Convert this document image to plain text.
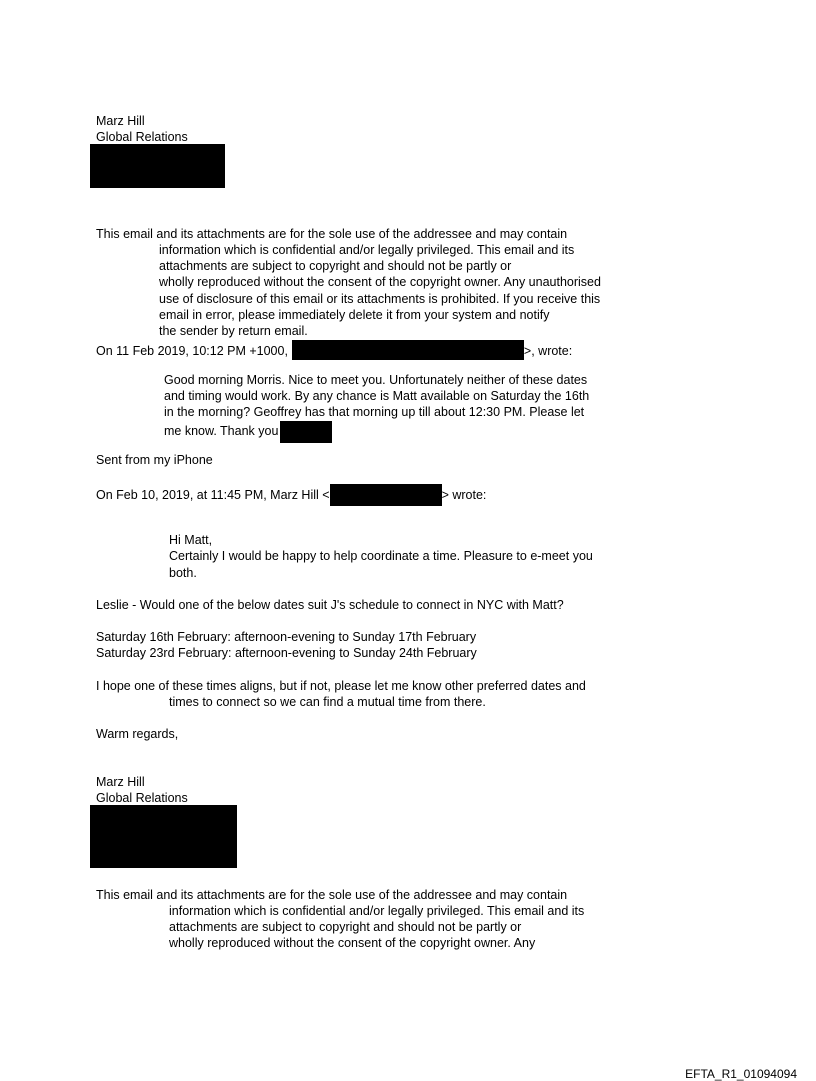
Marz Hill

Global Relations

This email and its attachments are for the sole use of the addressee and may contain

information which is confidential and/or legally privileged. This email and its
attachments are subject to copyright and should not be partly or
wholly reproduced without the consent of the copyright owner. Any unauthorised
use of disclosure of this email or its attachments is prohibited. If you receive this
email in error, please immediately delete it from your system and notify
the sender by return email.

On 11 Feb 2019, 10:12 PM +1000,	>, wrote:

Good morning Morris. Nice to meet you. Unfortunately neither of these dates
and timing would work. By any chance is Matt available on Saturday the 16th
in the morning? Geoffrey has that morning up till about 12:30 PM. Please let
me know. Thank you

Sent from my iPhone

On Feb 10, 2019, at 11:45 PM, Marz Hill <	> wrote:

Hi Matt,

Certainly I would be happy to help coordinate a time. Pleasure to e-meet you

both.

Leslie - Would one of the below dates suit J's schedule to connect in NYC with Matt?

Saturday 16th February: afternoon-evening to Sunday 17th February

Saturday 23rd February: afternoon-evening to Sunday 24th February

I hope one of these times aligns, but if not, please let me know other preferred dates and

times to connect so we can find a mutual time from there.

Warm regards,

Marz Hill

Global Relations

This email and its attachments are for the sole use of the addressee and may contain

information which is confidential and/or legally privileged. This email and its
attachments are subject to copyright and should not be partly or
wholly reproduced without the consent of the copyright owner. Any

EFTA_R1_01094094
